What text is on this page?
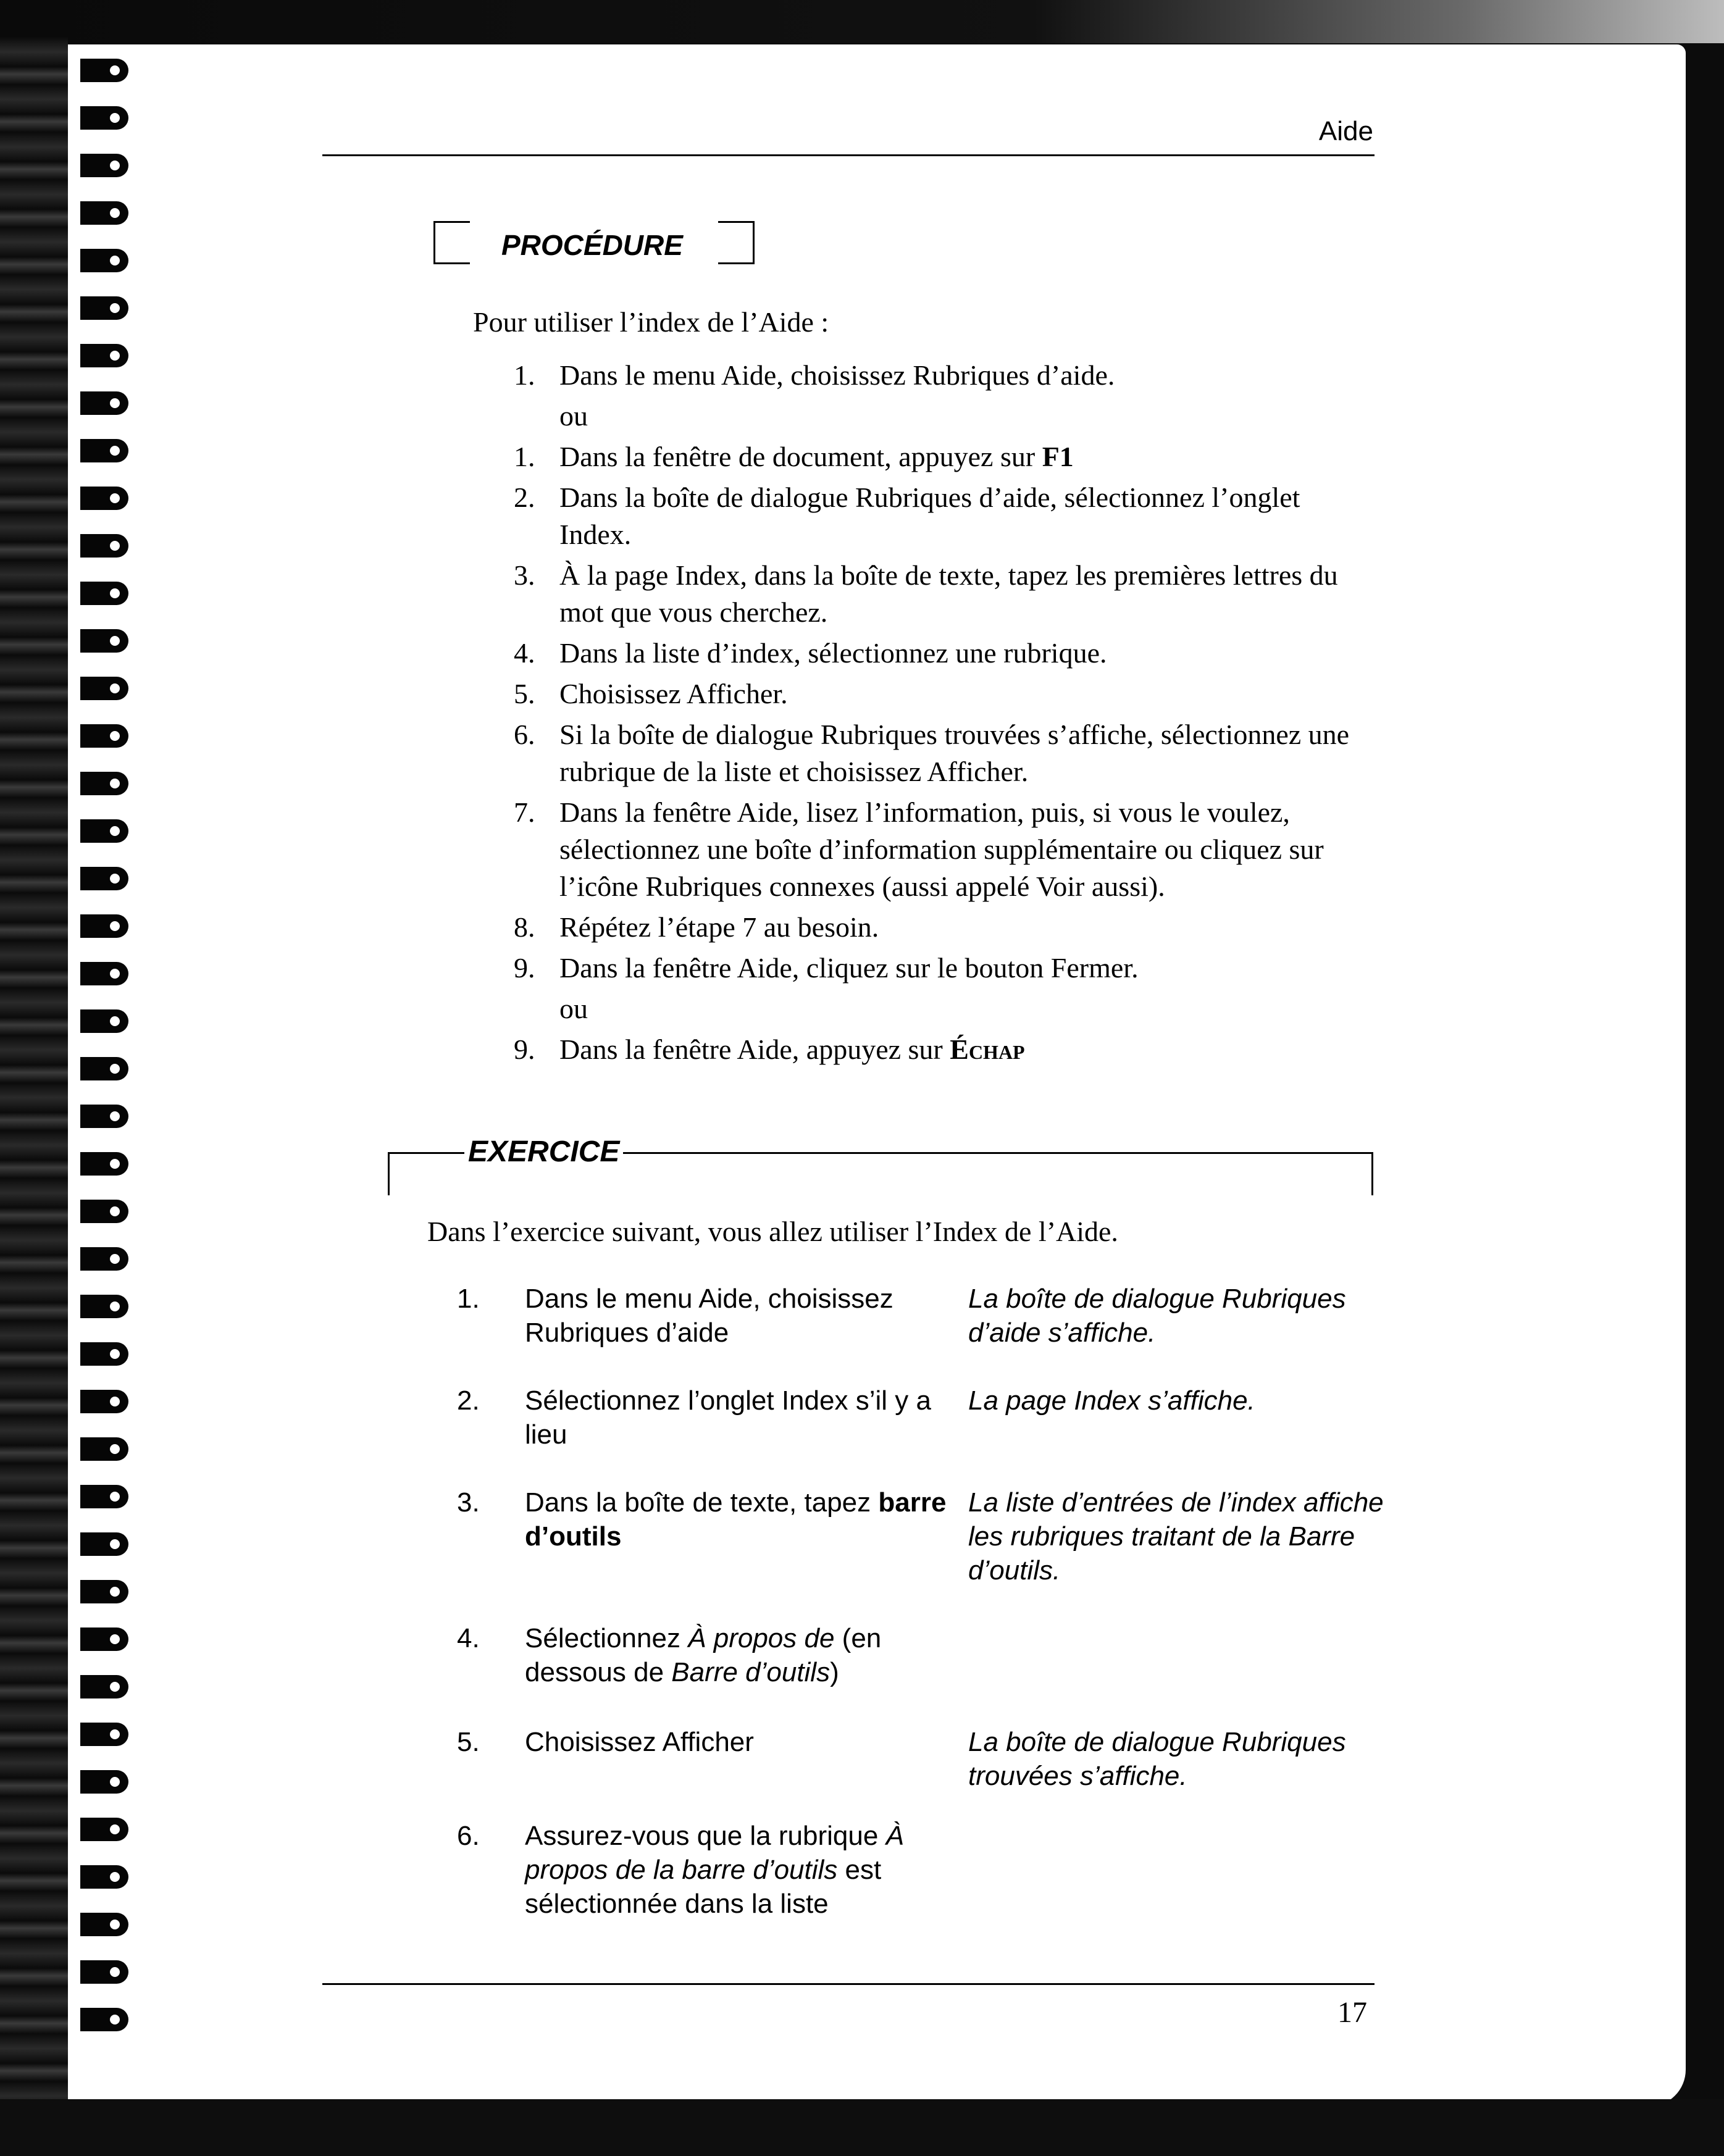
Aide
PROCÉDURE
Pour utiliser l’index de l’Aide :
1. Dans le menu Aide, choisissez Rubriques d’aide.
ou
1. Dans la fenêtre de document, appuyez sur F1
2. Dans la boîte de dialogue Rubriques d’aide, sélectionnez l’onglet Index.
3. À la page Index, dans la boîte de texte, tapez les premières lettres du mot que vous cherchez.
4. Dans la liste d’index, sélectionnez une rubrique.
5. Choisissez Afficher.
6. Si la boîte de dialogue Rubriques trouvées s’affiche, sélectionnez une rubrique de la liste et choisissez Afficher.
7. Dans la fenêtre Aide, lisez l’information, puis, si vous le voulez, sélectionnez une boîte d’information supplémentaire ou cliquez sur l’icône Rubriques connexes (aussi appelé Voir aussi).
8. Répétez l’étape 7 au besoin.
9. Dans la fenêtre Aide, cliquez sur le bouton Fermer.
ou
9. Dans la fenêtre Aide, appuyez sur Échap
EXERCICE
Dans l’exercice suivant, vous allez utiliser l’Index de l’Aide.
1. Dans le menu Aide, choisissez Rubriques d’aide
La boîte de dialogue Rubriques d’aide s’affiche.
2. Sélectionnez l’onglet Index s’il y a lieu
La page Index s’affiche.
3. Dans la boîte de texte, tapez barre d’outils
La liste d’entrées de l’index affiche les rubriques traitant de la Barre d’outils.
4. Sélectionnez À propos de (en dessous de Barre d’outils)
5. Choisissez Afficher	La boîte de dialogue Rubriques trouvées s’affiche.
6. Assurez-vous que la rubrique À propos de la barre d’outils est sélectionnée dans la liste
17
